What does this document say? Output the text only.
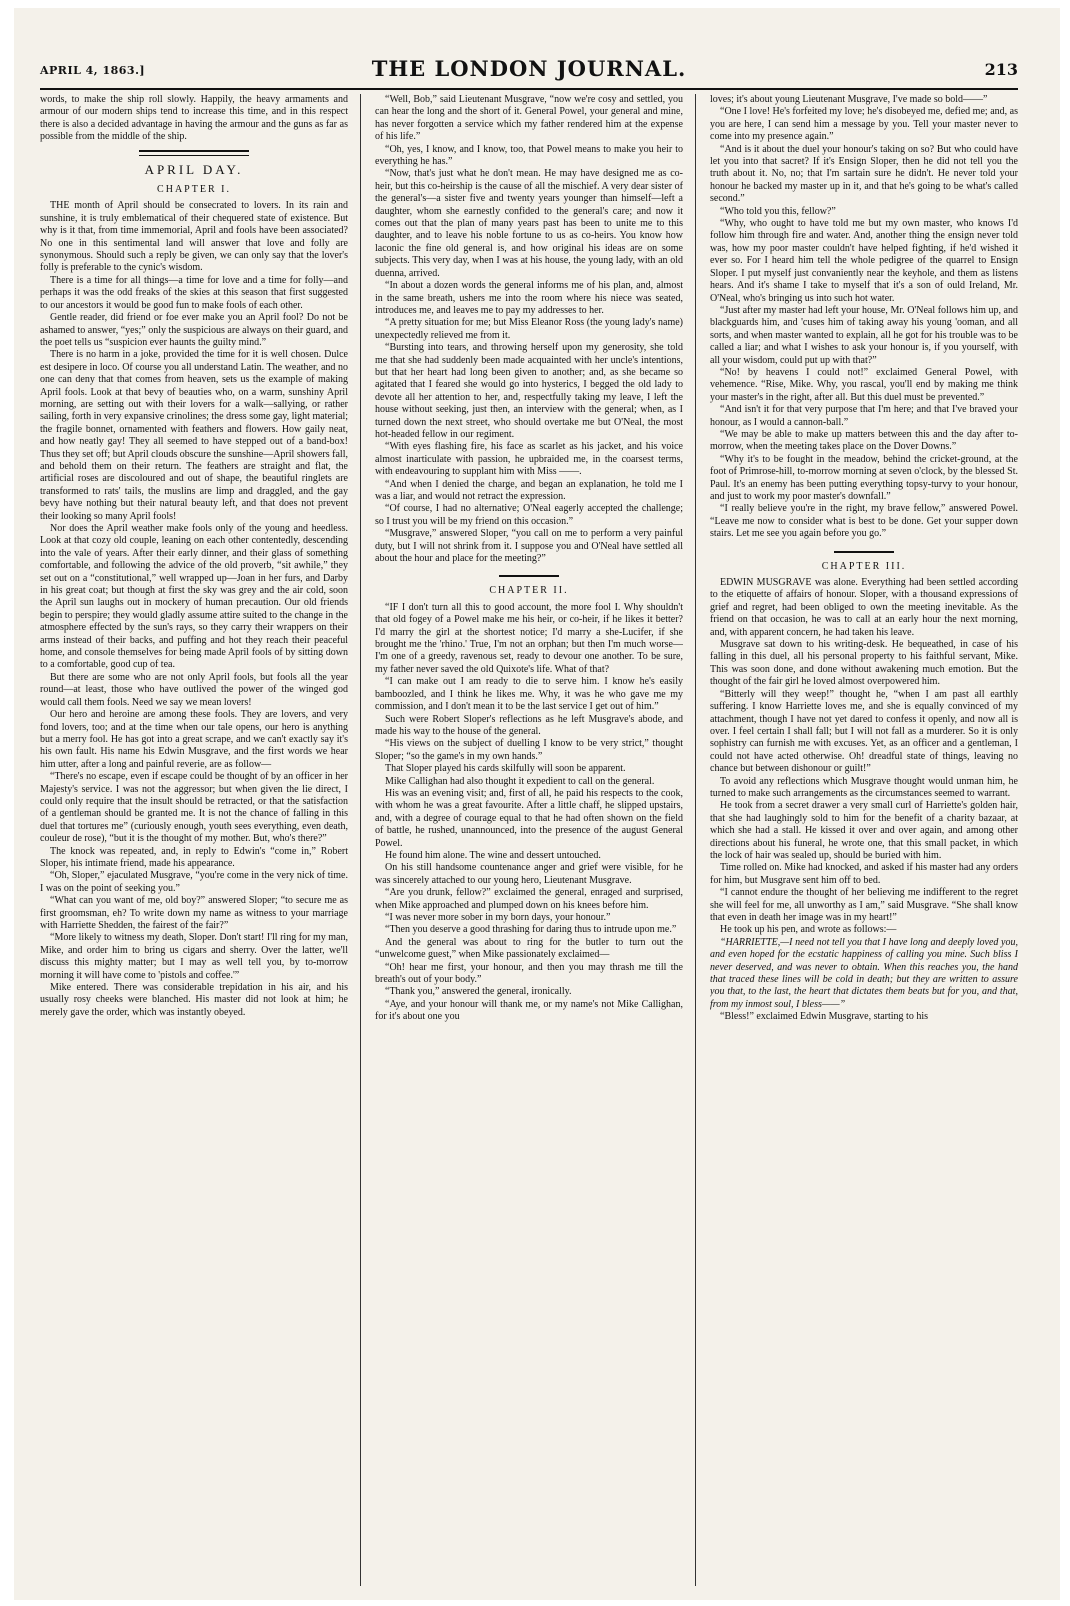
APRIL 4, 1863.]	THE LONDON JOURNAL.	213

words, to make the ship roll slowly. Happily, the heavy armaments and armour of our modern ships tend to increase this time, and in this respect there is also a decided advantage in having the armour and the guns as far as possible from the middle of the ship.

APRIL DAY.
CHAPTER I.

THE month of April should be consecrated to lovers. In its rain and sunshine, it is truly emblematical of their chequered state of existence. But why is it that, from time immemorial, April and fools have been associated? No one in this sentimental land will answer that love and folly are synonymous. Should such a reply be given, we can only say that the lover's folly is preferable to the cynic's wisdom.

There is a time for all things—a time for love and a time for folly—and perhaps it was the odd freaks of the skies at this season that first suggested to our ancestors it would be good fun to make fools of each other.

Gentle reader, did friend or foe ever make you an April fool? Do not be ashamed to answer, “yes;” only the suspicious are always on their guard, and the poet tells us “suspicion ever haunts the guilty mind.”

There is no harm in a joke, provided the time for it is well chosen. Dulce est desipere in loco. Of course you all understand Latin. The weather, and no one can deny that that comes from heaven, sets us the example of making April fools. Look at that bevy of beauties who, on a warm, sunshiny April morning, are setting out with their lovers for a walk—sallying, or rather sailing, forth in very expansive crinolines; the dress some gay, light material; the fragile bonnet, ornamented with feathers and flowers. How gaily neat, and how neatly gay! They all seemed to have stepped out of a band-box! Thus they set off; but April clouds obscure the sunshine—April showers fall, and behold them on their return. The feathers are straight and flat, the artificial roses are discoloured and out of shape, the beautiful ringlets are transformed to rats' tails, the muslins are limp and draggled, and the gay bevy have nothing but their natural beauty left, and that does not prevent their looking so many April fools!

Nor does the April weather make fools only of the young and heedless. Look at that cozy old couple, leaning on each other contentedly, descending into the vale of years. After their early dinner, and their glass of something comfortable, and following the advice of the old proverb, “sit awhile,” they set out on a “constitutional,” well wrapped up—Joan in her furs, and Darby in his great coat; but though at first the sky was grey and the air cold, soon the April sun laughs out in mockery of human precaution. Our old friends begin to perspire; they would gladly assume attire suited to the change in the atmosphere effected by the sun's rays, so they carry their wrappers on their arms instead of their backs, and puffing and hot they reach their peaceful home, and console themselves for being made April fools of by sitting down to a comfortable, good cup of tea.

But there are some who are not only April fools, but fools all the year round—at least, those who have outlived the power of the winged god would call them fools. Need we say we mean lovers!

Our hero and heroine are among these fools. They are lovers, and very fond lovers, too; and at the time when our tale opens, our hero is anything but a merry fool. He has got into a great scrape, and we can't exactly say it's his own fault. His name his Edwin Musgrave, and the first words we hear him utter, after a long and painful reverie, are as follow—

“There's no escape, even if escape could be thought of by an officer in her Majesty's service. I was not the aggressor; but when given the lie direct, I could only require that the insult should be retracted, or that the satisfaction of a gentleman should be granted me. It is not the chance of falling in this duel that tortures me” (curiously enough, youth sees everything, even death, couleur de rose), “but it is the thought of my mother. But, who's there?”

The knock was repeated, and, in reply to Edwin's “come in,” Robert Sloper, his intimate friend, made his appearance.

“Oh, Sloper,” ejaculated Musgrave, “you're come in the very nick of time. I was on the point of seeking you.”

“What can you want of me, old boy?” answered Sloper; “to secure me as first groomsman, eh? To write down my name as witness to your marriage with Harriette Shedden, the fairest of the fair?”

“More likely to witness my death, Sloper. Don't start! I'll ring for my man, Mike, and order him to bring us cigars and sherry. Over the latter, we'll discuss this mighty matter; but I may as well tell you, by to-morrow morning it will have come to 'pistols and coffee.'”

Mike entered. There was considerable trepidation in his air, and his usually rosy cheeks were blanched. His master did not look at him; he merely gave the order, which was instantly obeyed.

“Well, Bob,” said Lieutenant Musgrave, “now we're cosy and settled, you can hear the long and the short of it. General Powel, your general and mine, has never forgotten a service which my father rendered him at the expense of his life.”

“Oh, yes, I know, and I know, too, that Powel means to make you heir to everything he has.”

“Now, that's just what he don't mean. He may have designed me as co-heir, but this co-heirship is the cause of all the mischief. A very dear sister of the general's—a sister five and twenty years younger than himself—left a daughter, whom she earnestly confided to the general's care; and now it comes out that the plan of many years past has been to unite me to this daughter, and to leave his noble fortune to us as co-heirs. You know how laconic the fine old general is, and how original his ideas are on some subjects. This very day, when I was at his house, the young lady, with an old duenna, arrived.

“In about a dozen words the general informs me of his plan, and, almost in the same breath, ushers me into the room where his niece was seated, introduces me, and leaves me to pay my addresses to her.

“A pretty situation for me; but Miss Eleanor Ross (the young lady's name) unexpectedly relieved me from it.

“Bursting into tears, and throwing herself upon my generosity, she told me that she had suddenly been made acquainted with her uncle's intentions, but that her heart had long been given to another; and, as she became so agitated that I feared she would go into hysterics, I begged the old lady to devote all her attention to her, and, respectfully taking my leave, I left the house without seeking, just then, an interview with the general; when, as I turned down the next street, who should overtake me but O'Neal, the most hot-headed fellow in our regiment.

“With eyes flashing fire, his face as scarlet as his jacket, and his voice almost inarticulate with passion, he upbraided me, in the coarsest terms, with endeavouring to supplant him with Miss ——.

“And when I denied the charge, and began an explanation, he told me I was a liar, and would not retract the expression.

“Of course, I had no alternative; O'Neal eagerly accepted the challenge; so I trust you will be my friend on this occasion.”

“Musgrave,” answered Sloper, “you call on me to perform a very painful duty, but I will not shrink from it. I suppose you and O'Neal have settled all about the hour and place for the meeting?”

CHAPTER II.

“IF I don't turn all this to good account, the more fool I. Why shouldn't that old fogey of a Powel make me his heir, or co-heir, if he likes it better? I'd marry the girl at the shortest notice; I'd marry a she-Lucifer, if she brought me the 'rhino.' True, I'm not an orphan; but then I'm much worse—I'm one of a greedy, ravenous set, ready to devour one another. To be sure, my father never saved the old Quixote's life. What of that?

“I can make out I am ready to die to serve him. I know he's easily bamboozled, and I think he likes me. Why, it was he who gave me my commission, and I don't mean it to be the last service I get out of him.”

Such were Robert Sloper's reflections as he left Musgrave's abode, and made his way to the house of the general.

“His views on the subject of duelling I know to be very strict,” thought Sloper; “so the game's in my own hands.”

That Sloper played his cards skilfully will soon be apparent.

Mike Callighan had also thought it expedient to call on the general.

His was an evening visit; and, first of all, he paid his respects to the cook, with whom he was a great favourite. After a little chaff, he slipped upstairs, and, with a degree of courage equal to that he had often shown on the field of battle, he rushed, unannounced, into the presence of the august General Powel.

He found him alone. The wine and dessert untouched.

On his still handsome countenance anger and grief were visible, for he was sincerely attached to our young hero, Lieutenant Musgrave.

“Are you drunk, fellow?” exclaimed the general, enraged and surprised, when Mike approached and plumped down on his knees before him.

“I was never more sober in my born days, your honour.”

“Then you deserve a good thrashing for daring thus to intrude upon me.”

And the general was about to ring for the butler to turn out the “unwelcome guest,” when Mike passionately exclaimed—

“Oh! hear me first, your honour, and then you may thrash me till the breath's out of your body.”

“Thank you,” answered the general, ironically.

“Aye, and your honour will thank me, or my name's not Mike Callighan, for it's about one you

loves; it's about young Lieutenant Musgrave, I've made so bold——”

“One I love! He's forfeited my love; he's disobeyed me, defied me; and, as you are here, I can send him a message by you. Tell your master never to come into my presence again.”

“And is it about the duel your honour's taking on so? But who could have let you into that sacret? If it's Ensign Sloper, then he did not tell you the truth about it. No, no; that I'm sartain sure he didn't. He never told your honour he backed my master up in it, and that he's going to be what's called second.”

“Who told you this, fellow?”

“Why, who ought to have told me but my own master, who knows I'd follow him through fire and water. And, another thing the ensign never told was, how my poor master couldn't have helped fighting, if he'd wished it ever so. For I heard him tell the whole pedigree of the quarrel to Ensign Sloper. I put myself just convaniently near the keyhole, and them as listens hears. And it's shame I take to myself that it's a son of ould Ireland, Mr. O'Neal, who's bringing us into such hot water.

“Just after my master had left your house, Mr. O'Neal follows him up, and blackguards him, and 'cuses him of taking away his young 'ooman, and all sorts, and when master wanted to explain, all he got for his trouble was to be called a liar; and what I wishes to ask your honour is, if you yourself, with all your wisdom, could put up with that?”

“No! by heavens I could not!” exclaimed General Powel, with vehemence. “Rise, Mike. Why, you rascal, you'll end by making me think your master's in the right, after all. But this duel must be prevented.”

“And isn't it for that very purpose that I'm here; and that I've braved your honour, as I would a cannon-ball.”

“We may be able to make up matters between this and the day after to-morrow, when the meeting takes place on the Dover Downs.”

“Why it's to be fought in the meadow, behind the cricket-ground, at the foot of Primrose-hill, to-morrow morning at seven o'clock, by the blessed St. Paul. It's an enemy has been putting everything topsy-turvy to your honour, and just to work my poor master's downfall.”

“I really believe you're in the right, my brave fellow,” answered Powel. “Leave me now to consider what is best to be done. Get your supper down stairs. Let me see you again before you go.”

CHAPTER III.

EDWIN MUSGRAVE was alone. Everything had been settled according to the etiquette of affairs of honour. Sloper, with a thousand expressions of grief and regret, had been obliged to own the meeting inevitable. As the friend on that occasion, he was to call at an early hour the next morning, and, with apparent concern, he had taken his leave.

Musgrave sat down to his writing-desk. He bequeathed, in case of his falling in this duel, all his personal property to his faithful servant, Mike. This was soon done, and done without awakening much emotion. But the thought of the fair girl he loved almost overpowered him.

“Bitterly will they weep!” thought he, “when I am past all earthly suffering. I know Harriette loves me, and she is equally convinced of my attachment, though I have not yet dared to confess it openly, and now all is over. I feel certain I shall fall; but I will not fall as a murderer. So it is only sophistry can furnish me with excuses. Yet, as an officer and a gentleman, I could not have acted otherwise. Oh! dreadful state of things, leaving no chance but between dishonour or guilt!”

To avoid any reflections which Musgrave thought would unman him, he turned to make such arrangements as the circumstances seemed to warrant.

He took from a secret drawer a very small curl of Harriette's golden hair, that she had laughingly sold to him for the benefit of a charity bazaar, at which she had a stall. He kissed it over and over again, and among other directions about his funeral, he wrote one, that this small packet, in which the lock of hair was sealed up, should be buried with him.

Time rolled on. Mike had knocked, and asked if his master had any orders for him, but Musgrave sent him off to bed.

“I cannot endure the thought of her believing me indifferent to the regret she will feel for me, all unworthy as I am,” said Musgrave. “She shall know that even in death her image was in my heart!”

He took up his pen, and wrote as follows:—

“HARRIETTE,—I need not tell you that I have long and deeply loved you, and even hoped for the ecstatic happiness of calling you mine. Such bliss I never deserved, and was never to obtain. When this reaches you, the hand that traced these lines will be cold in death; but they are written to assure you that, to the last, the heart that dictates them beats but for you, and that, from my inmost soul, I bless——”

“Bless!” exclaimed Edwin Musgrave, starting to his
